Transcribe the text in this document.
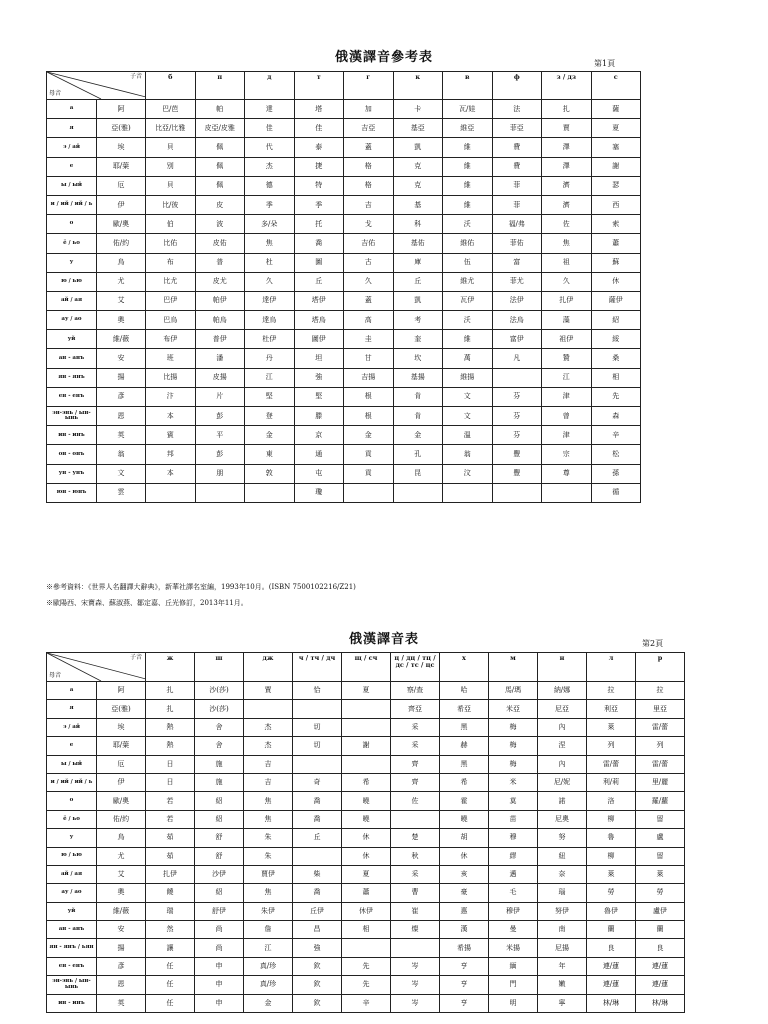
俄漢譯音參考表	第1頁
子音
母音		б	п	д	т	г	к	в	ф	з / дз	с

а	阿	巴/芭	帕	達	塔	加	卡	瓦/娃	法	扎	薩
я	亞(雅)	比亞/比雅	皮亞/皮雅	佳	佳	吉亞	基亞	維亞	菲亞	賈	夏
э / ай	埃	貝	佩	代	泰	蓋	凱	維	費	澤	塞
е	耶/葉	別	佩	杰	捷	格	克	維	費	澤	謝
ы / ый	厄	貝	佩	德	特	格	克	維	菲	濟	瑟
и / ий / ий / ь	伊	比/彼	皮	季	季	吉	基	維	菲	濟	西
о	歐/奧	伯	波	多/朵	托	戈	科	沃	福/弗	佐	索
ё / ьо	佑/約	比佑	皮佑	焦	喬	吉佑	基佑	維佑	菲佑	焦	蕭
у	烏	布	普	杜	圖	古	庫	伍	富	祖	蘇
ю / ью	尤	比尤	皮尤	久	丘	久	丘	維尤	菲尤	久	休
ай / ая	艾	巴伊	帕伊	達伊	塔伊	蓋	凱	瓦伊	法伊	扎伊	薩伊
ау / ао	奧	巴烏	帕烏	達烏	塔烏	高	考	沃	法烏	藻	紹
уй	維/薇	布伊	普伊	杜伊	圖伊	圭	奎	維	富伊	祖伊	綏
ан - анъ	安	班	潘	丹	坦	甘	坎	萬	凡	贊	桑
ян - янъ	揚	比揚	皮揚	江	強	吉揚	基揚	維揚		江	相
ен - енъ	彥	汴	片	堅	堅	根	肯	文	芬	津	先
эн-энь / ын-ынь	恩	本	彭	登	滕	根	肯	文	芬	曾	森
ин - инъ	英	賓	平	金	京	金	金	溫	芬	津	辛
он - онъ	翁	邦	彭	東	通	貢	孔	翁	豐	宗	松
ун - унъ	文	本	朋	敦	屯	貢	昆	汶	豐	尊	孫
юн - юнъ	雲				瓊						循
※參考資料：《世界人名翻譯大辭典》，新華社譯名室編，1993年10月。(ISBN 7500102216/Z21)
※歐陽西、宋寶森、蘇淑燕、鄒定嘉、丘光修訂，2013年11月。
俄漢譯音表	第2頁
子音
母音		ж	ш	дж	ч / тч / дч	щ / сч	ц / дц / тц / дс / тс / цс	х	м	н	л	р

а	阿	扎	沙(莎)	賈	恰	夏	察/查	哈	馬/瑪	納/娜	拉	拉
я	亞(雅)	扎	沙(莎)				齊亞	希亞	米亞	尼亞	利亞	里亞
э / ай	埃	熱	舍	杰	切		采	黑	梅	內	萊	雷/蕾
е	耶/葉	熱	舍	杰	切	謝	采	赫	梅	涅	列	列
ы / ый	厄	日	施	吉			齊	黑	梅	內	雷/蕾	雷/蕾
и / ий / ий / ь	伊	日	施	吉	奇	希	齊	希	米	尼/妮	利/莉	里/麗
о	歐/奧	若	紹	焦	喬	曉	佐	霍	莫	諾	洛	羅/蘿
ё / ьо	佑/約	若	紹	焦	喬	曉		曉	苗	尼奧	柳	留
у	烏	茹	舒	朱	丘	休	楚	胡	穆	努	魯	盧
ю / ью	尤	茹	舒	朱		休	秋	休	繆	紐	柳	留
ай / ая	艾	扎伊	沙伊	賈伊	柴	夏	采	亥	邁	奈	萊	萊
ау / ао	奧	饒	紹	焦	喬	蕭	曹	豪	毛	瑙	勞	勞
уй	維/薇	瑞	舒伊	朱伊	丘伊	休伊	崔	惠	穆伊	努伊	魯伊	盧伊
ан - анъ	安	然	尚	詹	昌	相	燦	漢	曼	南	蘭	蘭
ян - янъ / ьян	揚	讓	尚	江	強			希揚	米揚	尼揚	良	良
ен - енъ	彥	任	申	真/珍	欽	先	岑	亨	緬	年	連/蓮	連/蓮
эн-энь / ын-ынь	恩	任	申	真/珍	欽	先	岑	亨	門	嫩	連/蓮	連/蓮
ин - инъ	英	任	申	金	欽	辛	岑	亨	明	寧	林/琳	林/琳
